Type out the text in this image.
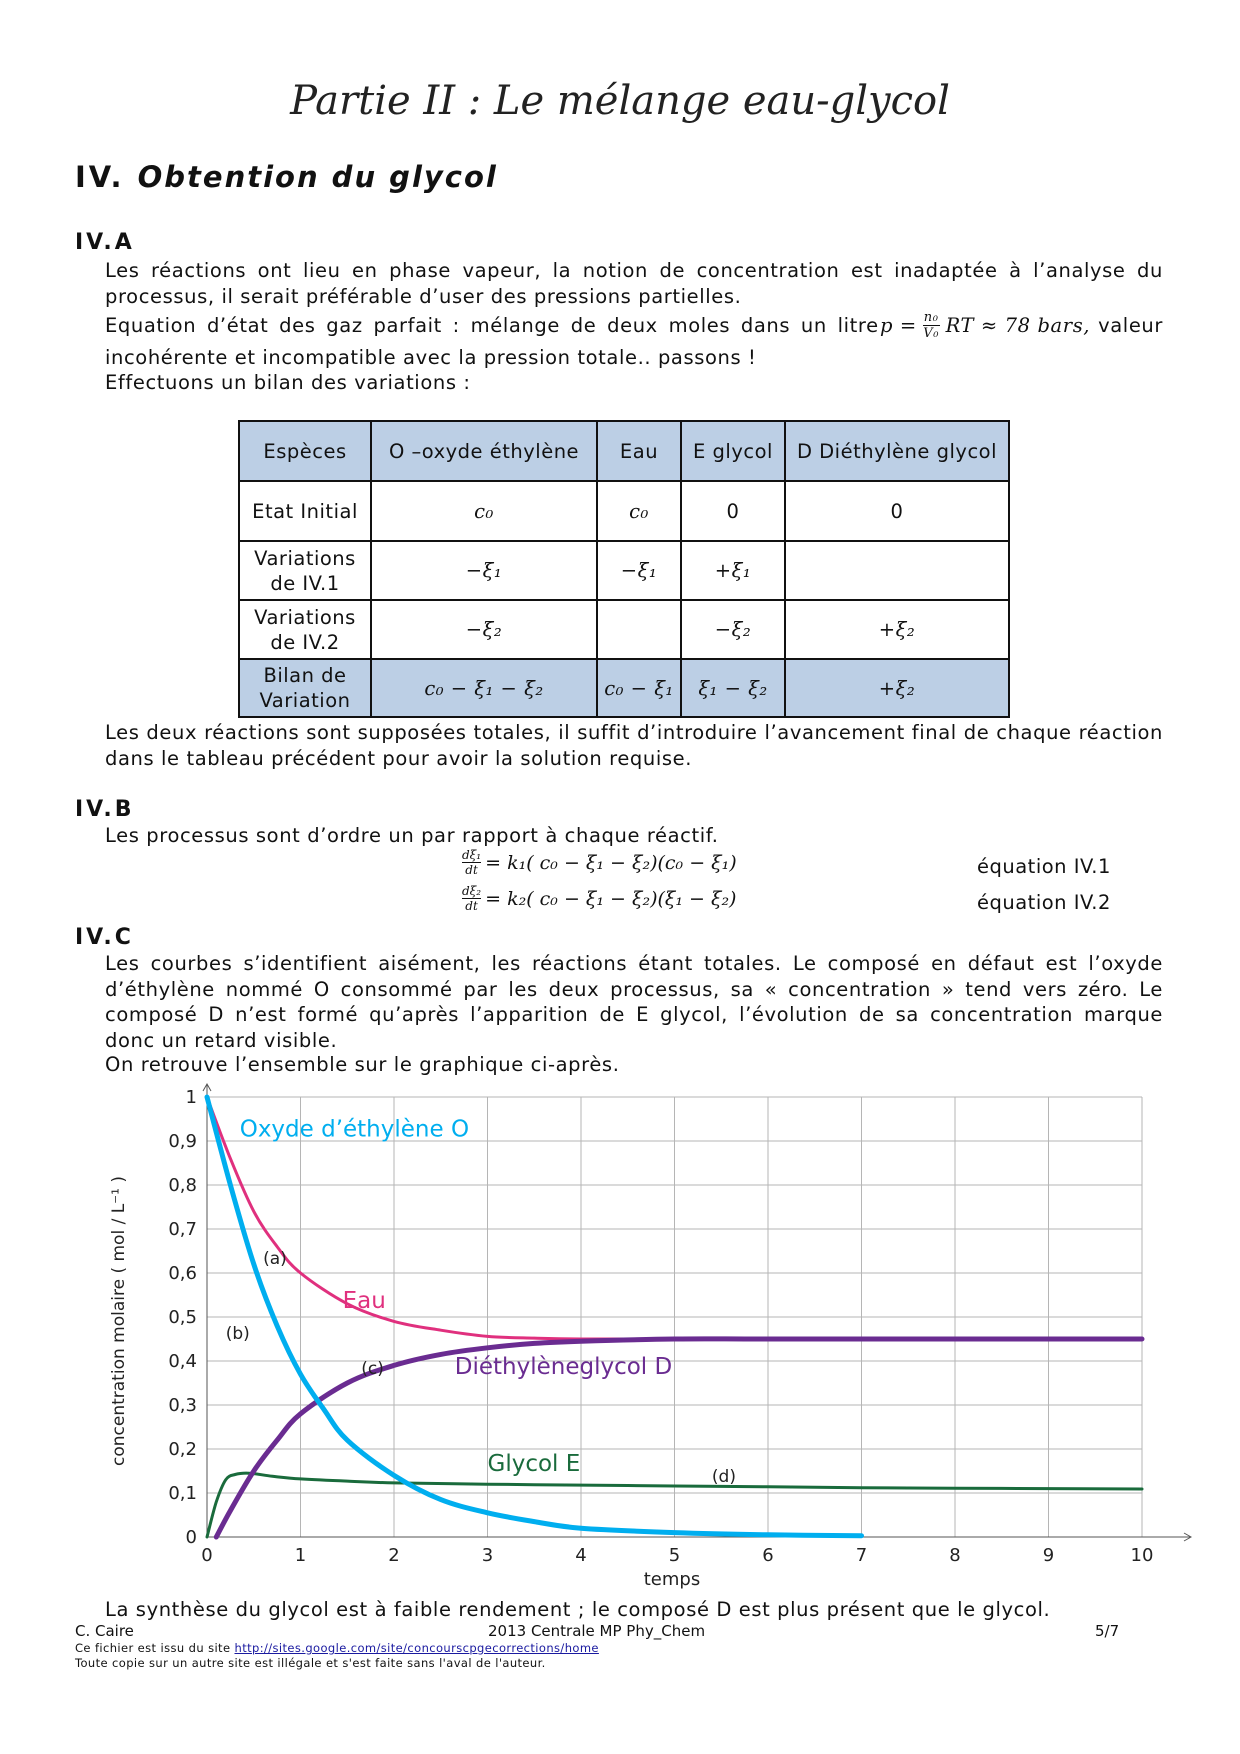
Partie II : Le mélange eau-glycol
IV. Obtention du glycol
IV.A
Les réactions ont lieu en phase vapeur, la notion de concentration est inadaptée à l’analyse du processus, il serait préférable d’user des pressions partielles.
Equation d’état des gaz parfait : mélange de deux moles dans un litre $p = \frac{\text{n₀}}{\text{V₀}}$ RT ≈ 78 bars, valeur
incohérente et incompatible avec la pression totale.. passons !
Effectuons un bilan des variations :
Espèces	O –oxyde éthylène	Eau	E glycol	D Diéthylène glycol
Etat Initial	c₀	c₀	0	0
Variations de IV.1	−ξ₁	−ξ₁	+ξ₁	
Variations de IV.2	−ξ₂		−ξ₂	+ξ₂
Bilan de Variation	c₀ − ξ₁ − ξ₂	c₀ − ξ₁	ξ₁ − ξ₂	+ξ₂
Les deux réactions sont supposées totales, il suffit d’introduire l’avancement final de chaque réaction dans le tableau précédent pour avoir la solution requise.
IV.B
Les processus sont d’ordre un par rapport à chaque réactif.
$\frac{\text{dξ₁}}{dt} = k_1$( c₀ − ξ₁ − ξ₂)(c₀ − ξ₁)	équation IV.1
$\frac{\text{dξ₂}}{dt} = k_2$( c₀ − ξ₁ − ξ₂)(ξ₁ − ξ₂)	équation IV.2
IV.C
Les courbes s’identifient aisément, les réactions étant totales. Le composé en défaut est l’oxyde d’éthylène nommé O consommé par les deux processus, sa « concentration » tend vers zéro. Le composé D n’est formé qu’après l’apparition de E glycol, l’évolution de sa concentration marque donc un retard visible.
On retrouve l’ensemble sur le graphique ci-après.
0	1	2	3	4	5	6	7	8	9	10
0
0,1
0,2
0,3
0,4
0,5
0,6
0,7
0,8
0,9
1
Oxyde d’éthylène O
Eau
Diéthylèneglycol D
Glycol E
(a)
(b)
(c)
(d)
temps
concentration molaire ( mol / L⁻¹ )
La synthèse du glycol est à faible rendement ; le composé D est plus présent que le glycol.
C. Caire	2013 Centrale MP Phy_Chem	5/7
Ce fichier est issu du site http://sites.google.com/site/concourscpgecorrections/home
Toute copie sur un autre site est illégale et s'est faite sans l'aval de l'auteur.
